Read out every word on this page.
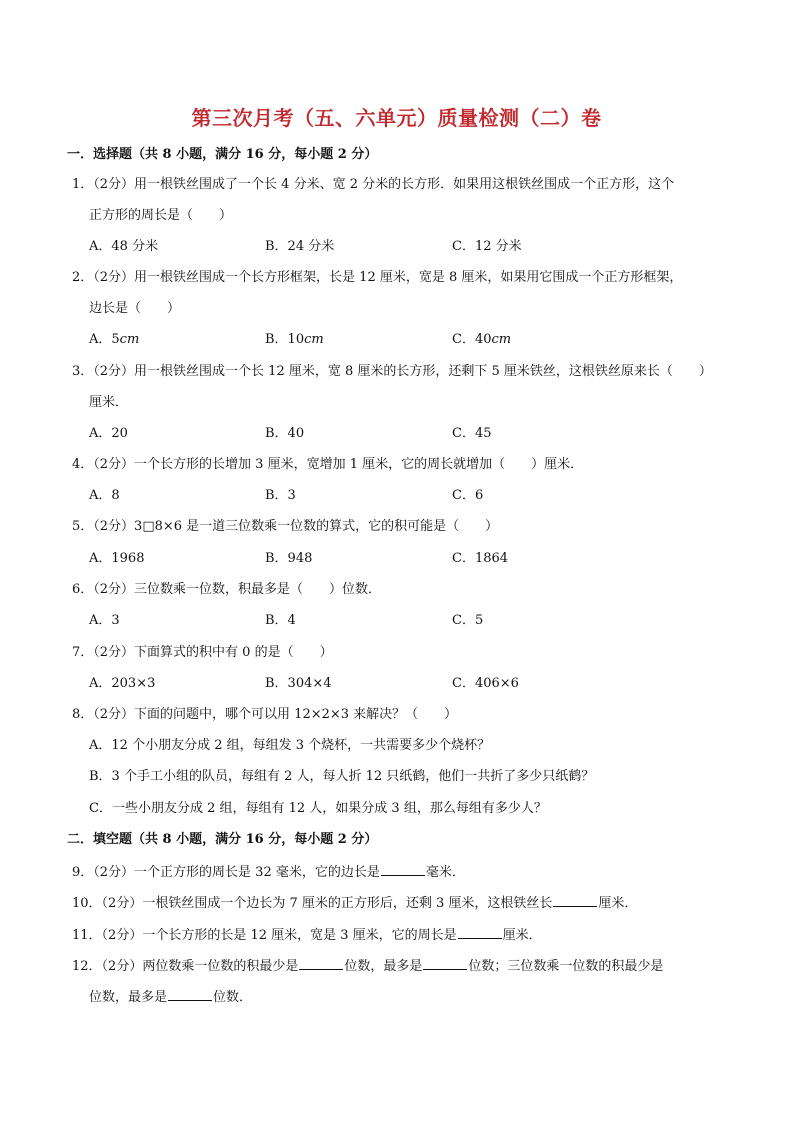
第三次月考（五、六单元）质量检测（二）卷
一．选择题（共 8 小题，满分 16 分，每小题 2 分）
1．（2分）用一根铁丝围成了一个长 4 分米、宽 2 分米的长方形．如果用这根铁丝围成一个正方形，这个
正方形的周长是（　　）
A．48 分米	B．24 分米	C．12 分米
2．（2分）用一根铁丝围成一个长方形框架，长是 12 厘米，宽是 8 厘米，如果用它围成一个正方形框架，
边长是（　　）
A．5cm	B．10cm	C．40cm
3．（2分）用一根铁丝围成一个长 12 厘米，宽 8 厘米的长方形，还剩下 5 厘米铁丝，这根铁丝原来长（　　）
厘米．
A．20	B．40	C．45
4．（2分）一个长方形的长增加 3 厘米，宽增加 1 厘米，它的周长就增加（　　）厘米．
A．8	B．3	C．6
5．（2分）3□8×6 是一道三位数乘一位数的算式，它的积可能是（　　）
A．1968	B．948	C．1864
6．（2分）三位数乘一位数，积最多是（　　）位数．
A．3	B．4	C．5
7．（2分）下面算式的积中有 0 的是（　　）
A．203×3	B．304×4	C．406×6
8．（2分）下面的问题中，哪个可以用 12×2×3 来解决？（　　）
A．12 个小朋友分成 2 组，每组发 3 个烧杯，一共需要多少个烧杯？
B．3 个手工小组的队员，每组有 2 人，每人折 12 只纸鹤，他们一共折了多少只纸鹤？
C．一些小朋友分成 2 组，每组有 12 人，如果分成 3 组，那么每组有多少人？
二．填空题（共 8 小题，满分 16 分，每小题 2 分）
9．（2分）一个正方形的周长是 32 毫米，它的边长是	毫米．
10．（2分）一根铁丝围成一个边长为 7 厘米的正方形后，还剩 3 厘米，这根铁丝长	厘米．
11．（2分）一个长方形的长是 12 厘米，宽是 3 厘米，它的周长是	厘米．
12．（2分）两位数乘一位数的积最少是	位数，最多是	位数；三位数乘一位数的积最少是
位数，最多是	位数．
